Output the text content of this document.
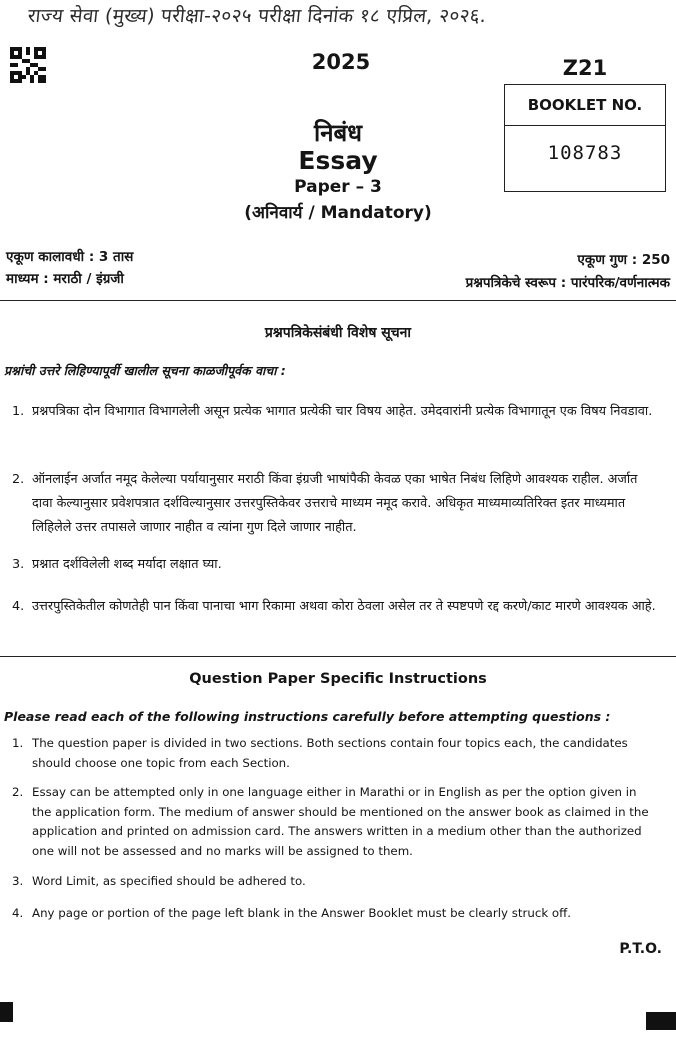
राज्य सेवा (मुख्य) परीक्षा-२०२५ परीक्षा दिनांक १८ एप्रिल, २०२६.
2025	Z21
BOOKLET NO.
108783
निबंध
Essay
Paper – 3
(अनिवार्य / Mandatory)
एकूण कालावधी : 3 तास
माध्यम : मराठी / इंग्रजी
एकूण गुण : 250
प्रश्नपत्रिकेचे स्वरूप : पारंपरिक/वर्णनात्मक
प्रश्नपत्रिकेसंबंधी विशेष सूचना
प्रश्नांची उत्तरे लिहिण्यापूर्वी खालील सूचना काळजीपूर्वक वाचा :
1. प्रश्नपत्रिका दोन विभागात विभागलेली असून प्रत्येक भागात प्रत्येकी चार विषय आहेत. उमेदवारांनी प्रत्येक विभागातून एक विषय निवडावा.
2. ऑनलाईन अर्जात नमूद केलेल्या पर्यायानुसार मराठी किंवा इंग्रजी भाषांपैकी केवळ एका भाषेत निबंध लिहिणे आवश्यक राहील. अर्जात दावा केल्यानुसार प्रवेशपत्रात दर्शविल्यानुसार उत्तरपुस्तिकेवर उत्तराचे माध्यम नमूद करावे. अधिकृत माध्यमाव्यतिरिक्त इतर माध्यमात लिहिलेले उत्तर तपासले जाणार नाहीत व त्यांना गुण दिले जाणार नाहीत.
3. प्रश्नात दर्शविलेली शब्द मर्यादा लक्षात घ्या.
4. उत्तरपुस्तिकेतील कोणतेही पान किंवा पानाचा भाग रिकामा अथवा कोरा ठेवला असेल तर ते स्पष्टपणे रद्द करणे/काट मारणे आवश्यक आहे.
Question Paper Specific Instructions
Please read each of the following instructions carefully before attempting questions :
1. The question paper is divided in two sections. Both sections contain four topics each, the candidates should choose one topic from each Section.
2. Essay can be attempted only in one language either in Marathi or in English as per the option given in the application form. The medium of answer should be mentioned on the answer book as claimed in the application and printed on admission card. The answers written in a medium other than the authorized one will not be assessed and no marks will be assigned to them.
3. Word Limit, as specified should be adhered to.
4. Any page or portion of the page left blank in the Answer Booklet must be clearly struck off.
P.T.O.
